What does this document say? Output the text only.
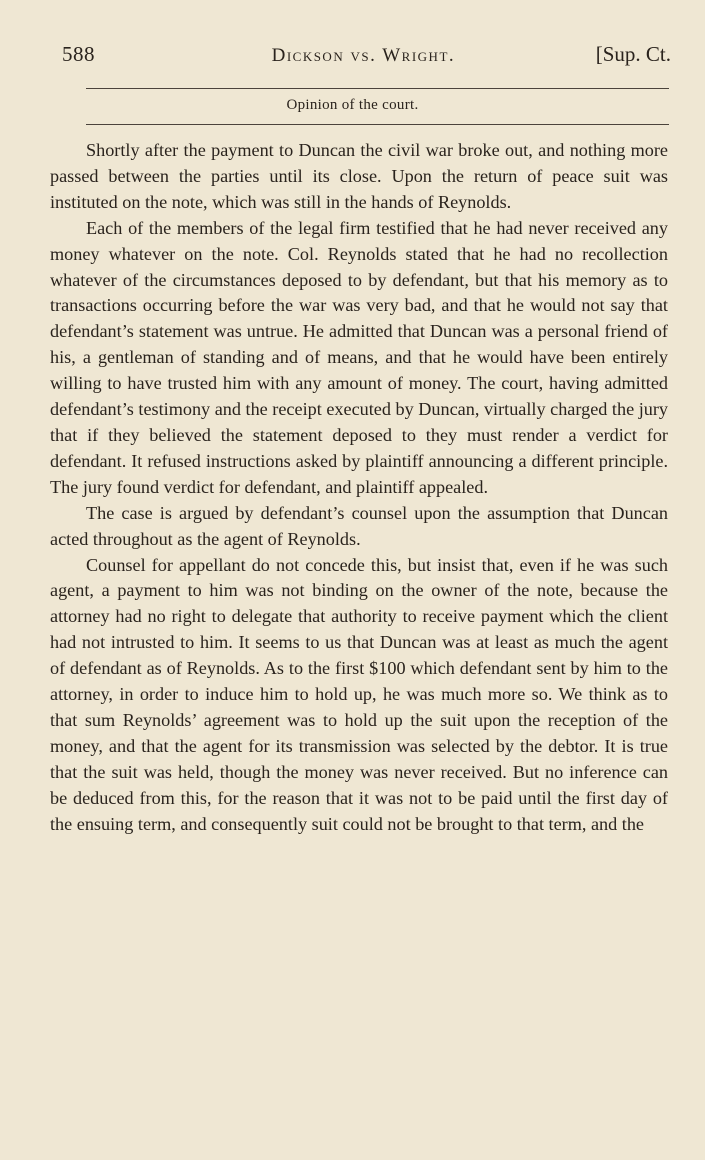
588	Dickson vs. Wright.	[Sup. Ct.
Opinion of the court.

Shortly after the payment to Duncan the civil war broke out, and nothing more passed between the parties until its close. Upon the return of peace suit was instituted on the note, which was still in the hands of Reynolds.

Each of the members of the legal firm testified that he had never received any money whatever on the note. Col. Reynolds stated that he had no recollection whatever of the circumstances deposed to by defendant, but that his memory as to transactions occurring before the war was very bad, and that he would not say that defendant’s statement was untrue. He admitted that Duncan was a personal friend of his, a gentleman of standing and of means, and that he would have been entirely willing to have trusted him with any amount of money. The court, having admitted defendant’s testimony and the receipt executed by Duncan, virtually charged the jury that if they believed the statement deposed to they must render a verdict for defendant. It refused instructions asked by plaintiff announcing a different principle. The jury found verdict for defendant, and plaintiff appealed.

The case is argued by defendant’s counsel upon the assumption that Duncan acted throughout as the agent of Reynolds.

Counsel for appellant do not concede this, but insist that, even if he was such agent, a payment to him was not binding on the owner of the note, because the attorney had no right to delegate that authority to receive payment which the client had not intrusted to him. It seems to us that Duncan was at least as much the agent of defendant as of Reynolds. As to the first $100 which defendant sent by him to the attorney, in order to induce him to hold up, he was much more so. We think as to that sum Reynolds’ agreement was to hold up the suit upon the reception of the money, and that the agent for its transmission was selected by the debtor. It is true that the suit was held, though the money was never received. But no inference can be deduced from this, for the reason that it was not to be paid until the first day of the ensuing term, and consequently suit could not be brought to that term, and the
